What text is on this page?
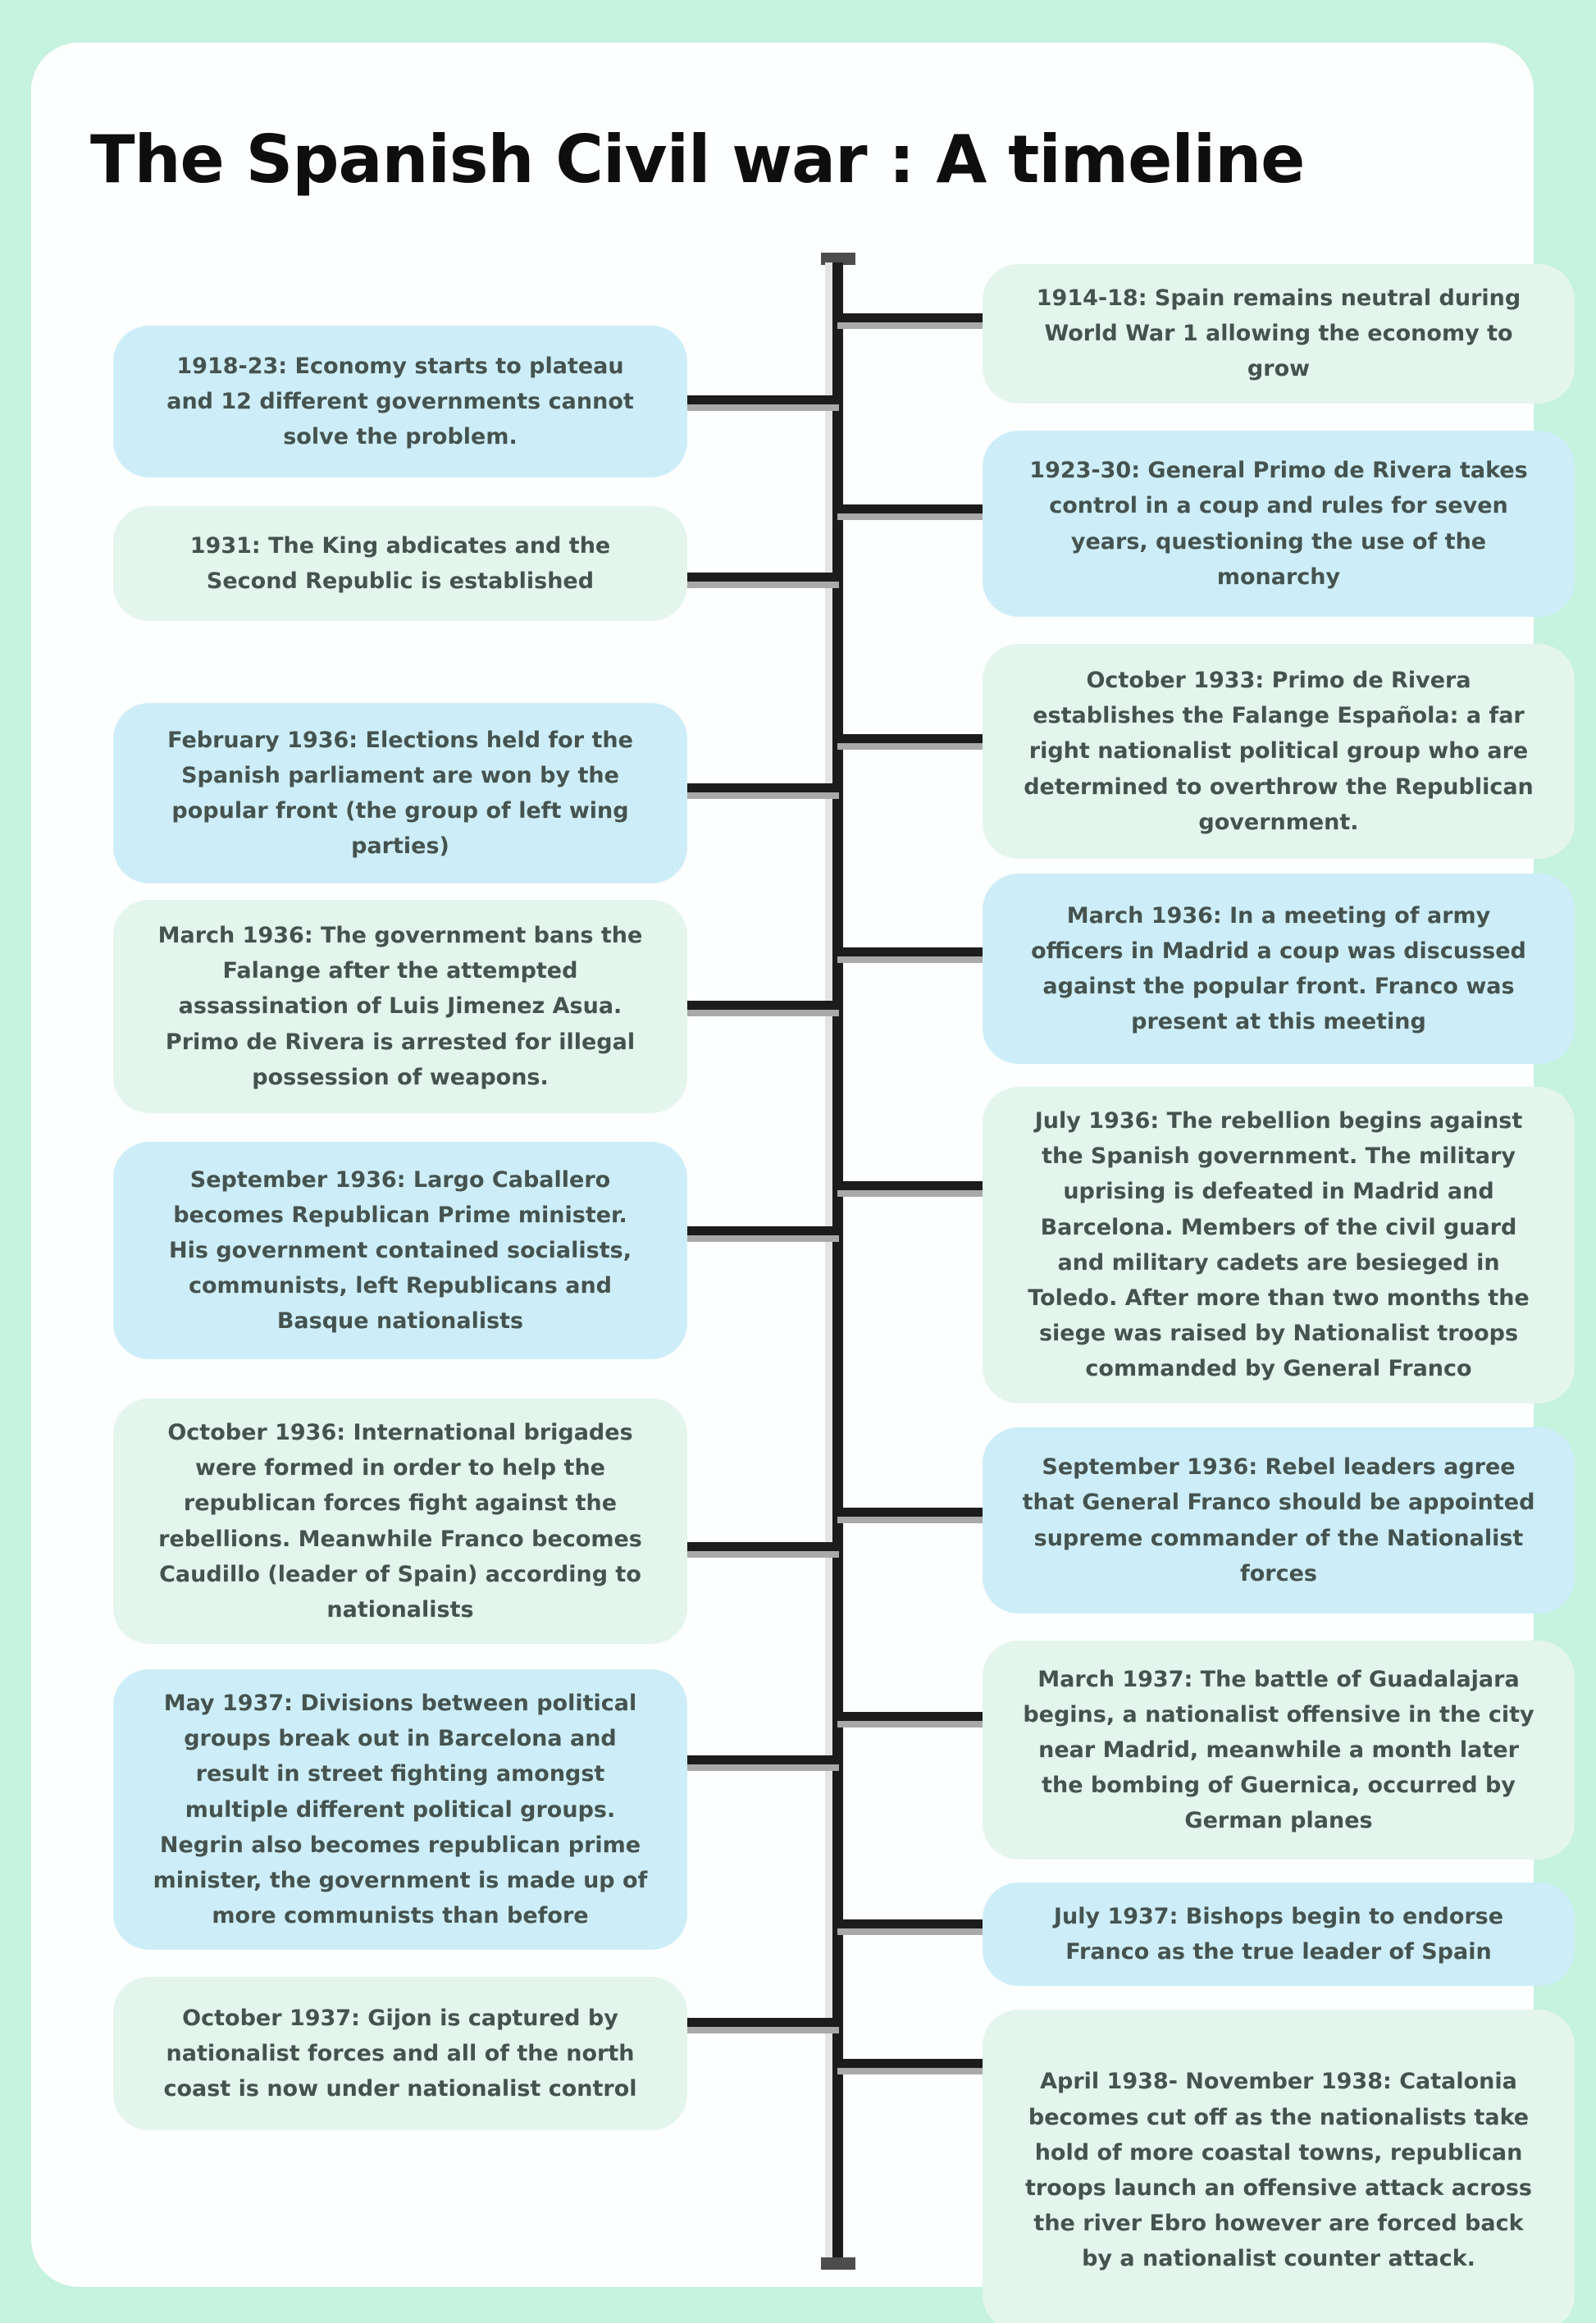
The Spanish Civil war : A timeline

1918-23: Economy starts to plateau and 12 different governments cannot solve the problem.

1931: The King abdicates and the Second Republic is established

February 1936: Elections held for the Spanish parliament are won by the popular front (the group of left wing parties)

March 1936: The government bans the Falange after the attempted assassination of Luis Jimenez Asua. Primo de Rivera is arrested for illegal possession of weapons.

September 1936: Largo Caballero becomes Republican Prime minister. His government contained socialists, communists, left Republicans and Basque nationalists

October 1936: International brigades were formed in order to help the republican forces fight against the rebellions. Meanwhile Franco becomes Caudillo (leader of Spain) according to nationalists

May 1937: Divisions between political groups break out in Barcelona and result in street fighting amongst multiple different political groups. Negrin also becomes republican prime minister, the government is made up of more communists than before

October 1937: Gijon is captured by nationalist forces and all of the north coast is now under nationalist control

1914-18: Spain remains neutral during World War 1 allowing the economy to grow

1923-30: General Primo de Rivera takes control in a coup and rules for seven years, questioning the use of the monarchy

October 1933: Primo de Rivera establishes the Falange Española: a far right nationalist political group who are determined to overthrow the Republican government.

March 1936: In a meeting of army officers in Madrid a coup was discussed against the popular front. Franco was present at this meeting

July 1936: The rebellion begins against the Spanish government. The military uprising is defeated in Madrid and Barcelona. Members of the civil guard and military cadets are besieged in Toledo. After more than two months the siege was raised by Nationalist troops commanded by General Franco

September 1936: Rebel leaders agree that General Franco should be appointed supreme commander of the Nationalist forces

March 1937: The battle of Guadalajara begins, a nationalist offensive in the city near Madrid, meanwhile a month later the bombing of Guernica, occurred by German planes

July 1937: Bishops begin to endorse Franco as the true leader of Spain

April 1938- November 1938: Catalonia becomes cut off as the nationalists take hold of more coastal towns, republican troops launch an offensive attack across the river Ebro however are forced back by a nationalist counter attack.
